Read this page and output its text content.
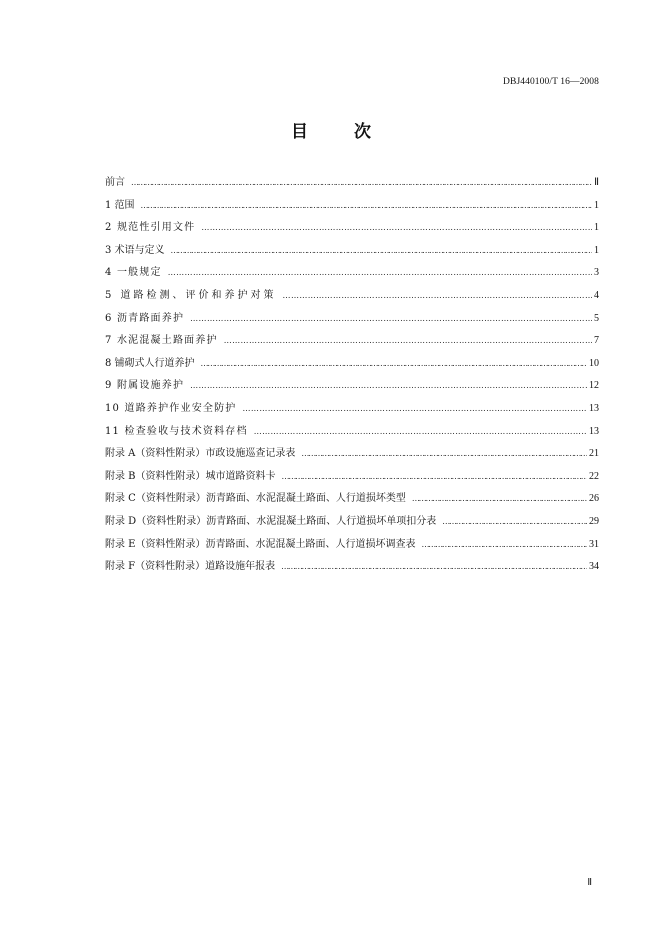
DBJ440100/T 16—2008
目 次
前言 ……………………………………………………………………………………………………………………………………………………………………………………………………………………………………………………………………………………	Ⅱ
1 范围 ……………………………………………………………………………………………………………………………………………………………………………………………………………………………………………………………………………………	1
2 规范性引用文件 …………………………………………………………………………………………………………………………………………………………………………………………………………………	1
3 术语与定义 ……………………………………………………………………………………………………………………………………………………………………………………………………………………………………………………………………………………	1
4 一般规定 …………………………………………………………………………………………………………………………………………………………………………………………………………………	3
5 道路检测、评价和养护对策 …………………………………………………………………………………………………………………………………………………………………………………………………………………	4
6 沥青路面养护 …………………………………………………………………………………………………………………………………………………………………………………………………………………	5
7 水泥混凝土路面养护 …………………………………………………………………………………………………………………………………………………………………………………………………………………	7
8 铺砌式人行道养护 ……………………………………………………………………………………………………………………………………………………………………………………………………………………………………………………………………………………	10
9 附属设施养护 …………………………………………………………………………………………………………………………………………………………………………………………………………………	12
10 道路养护作业安全防护 …………………………………………………………………………………………………………………………………………………………………………………………………………………	13
11 检查验收与技术资料存档 …………………………………………………………………………………………………………………………………………………………………………………………………………………	13
附录 A（资料性附录）市政设施巡查记录表 ……………………………………………………………………………………………………………………………………………………………………………………………………………………………………………………………………………………	21
附录 B（资料性附录）城市道路资料卡 ……………………………………………………………………………………………………………………………………………………………………………………………………………………………………………………………………………………	22
附录 C（资料性附录）沥青路面、水泥混凝土路面、人行道损坏类型 ……………………………………………………………………………………………………………………………………………………………………………………………………………………………………………………………………………………	26
附录 D（资料性附录）沥青路面、水泥混凝土路面、人行道损坏单项扣分表 ……………………………………………………………………………………………………………………………………………………………………………………………………………………………………………………………………………………	29
附录 E（资料性附录）沥青路面、水泥混凝土路面、人行道损坏调查表 ……………………………………………………………………………………………………………………………………………………………………………………………………………………………………………………………………………………	31
附录 F（资料性附录）道路设施年报表 ……………………………………………………………………………………………………………………………………………………………………………………………………………………………………………………………………………………	34
Ⅱ
